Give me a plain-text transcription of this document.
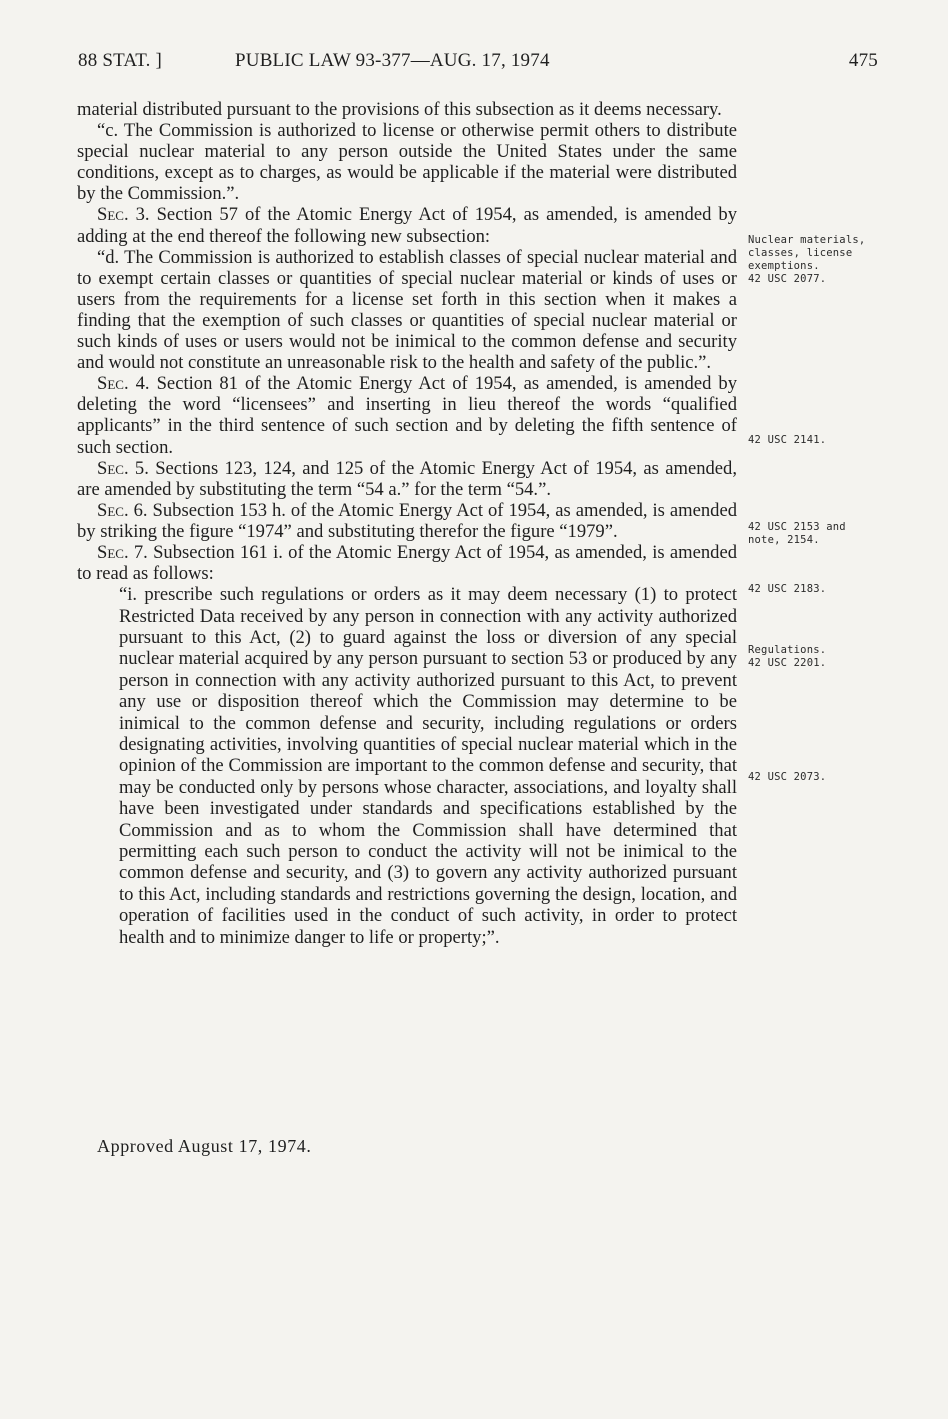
88 STAT. ]	PUBLIC LAW 93-377—AUG. 17, 1974	475

material distributed pursuant to the provisions of this subsection as it deems necessary.

“c. The Commission is authorized to license or otherwise permit others to distribute special nuclear material to any person outside the United States under the same conditions, except as to charges, as would be applicable if the material were distributed by the Commission.”.

Sec. 3. Section 57 of the Atomic Energy Act of 1954, as amended, is amended by adding at the end thereof the following new subsection:

“d. The Commission is authorized to establish classes of special nuclear material and to exempt certain classes or quantities of special nuclear material or kinds of uses or users from the requirements for a license set forth in this section when it makes a finding that the exemption of such classes or quantities of special nuclear material or such kinds of uses or users would not be inimical to the common defense and security and would not constitute an unreasonable risk to the health and safety of the public.”.

Sec. 4. Section 81 of the Atomic Energy Act of 1954, as amended, is amended by deleting the word “licensees” and inserting in lieu thereof the words “qualified applicants” in the third sentence of such section and by deleting the fifth sentence of such section.

Sec. 5. Sections 123, 124, and 125 of the Atomic Energy Act of 1954, as amended, are amended by substituting the term “54 a.” for the term “54.”.

Sec. 6. Subsection 153 h. of the Atomic Energy Act of 1954, as amended, is amended by striking the figure “1974” and substituting therefor the figure “1979”.

Sec. 7. Subsection 161 i. of the Atomic Energy Act of 1954, as amended, is amended to read as follows:

“i. prescribe such regulations or orders as it may deem necessary (1) to protect Restricted Data received by any person in connection with any activity authorized pursuant to this Act, (2) to guard against the loss or diversion of any special nuclear material acquired by any person pursuant to section 53 or produced by any person in connection with any activity authorized pursuant to this Act, to prevent any use or disposition thereof which the Commission may determine to be inimical to the common defense and security, including regulations or orders designating activities, involving quantities of special nuclear material which in the opinion of the Commission are important to the common defense and security, that may be conducted only by persons whose character, associations, and loyalty shall have been investigated under standards and specifications established by the Commission and as to whom the Commission shall have determined that permitting each such person to conduct the activity will not be inimical to the common defense and security, and (3) to govern any activity authorized pursuant to this Act, including standards and restrictions governing the design, location, and operation of facilities used in the conduct of such activity, in order to protect health and to minimize danger to life or property;”.

Approved August 17, 1974.
Nuclear materials, classes, license exemptions.
42 USC 2077.
42 USC 2141.
42 USC 2153 and note, 2154.
42 USC 2183.
Regulations.
42 USC 2201.
42 USC 2073.
